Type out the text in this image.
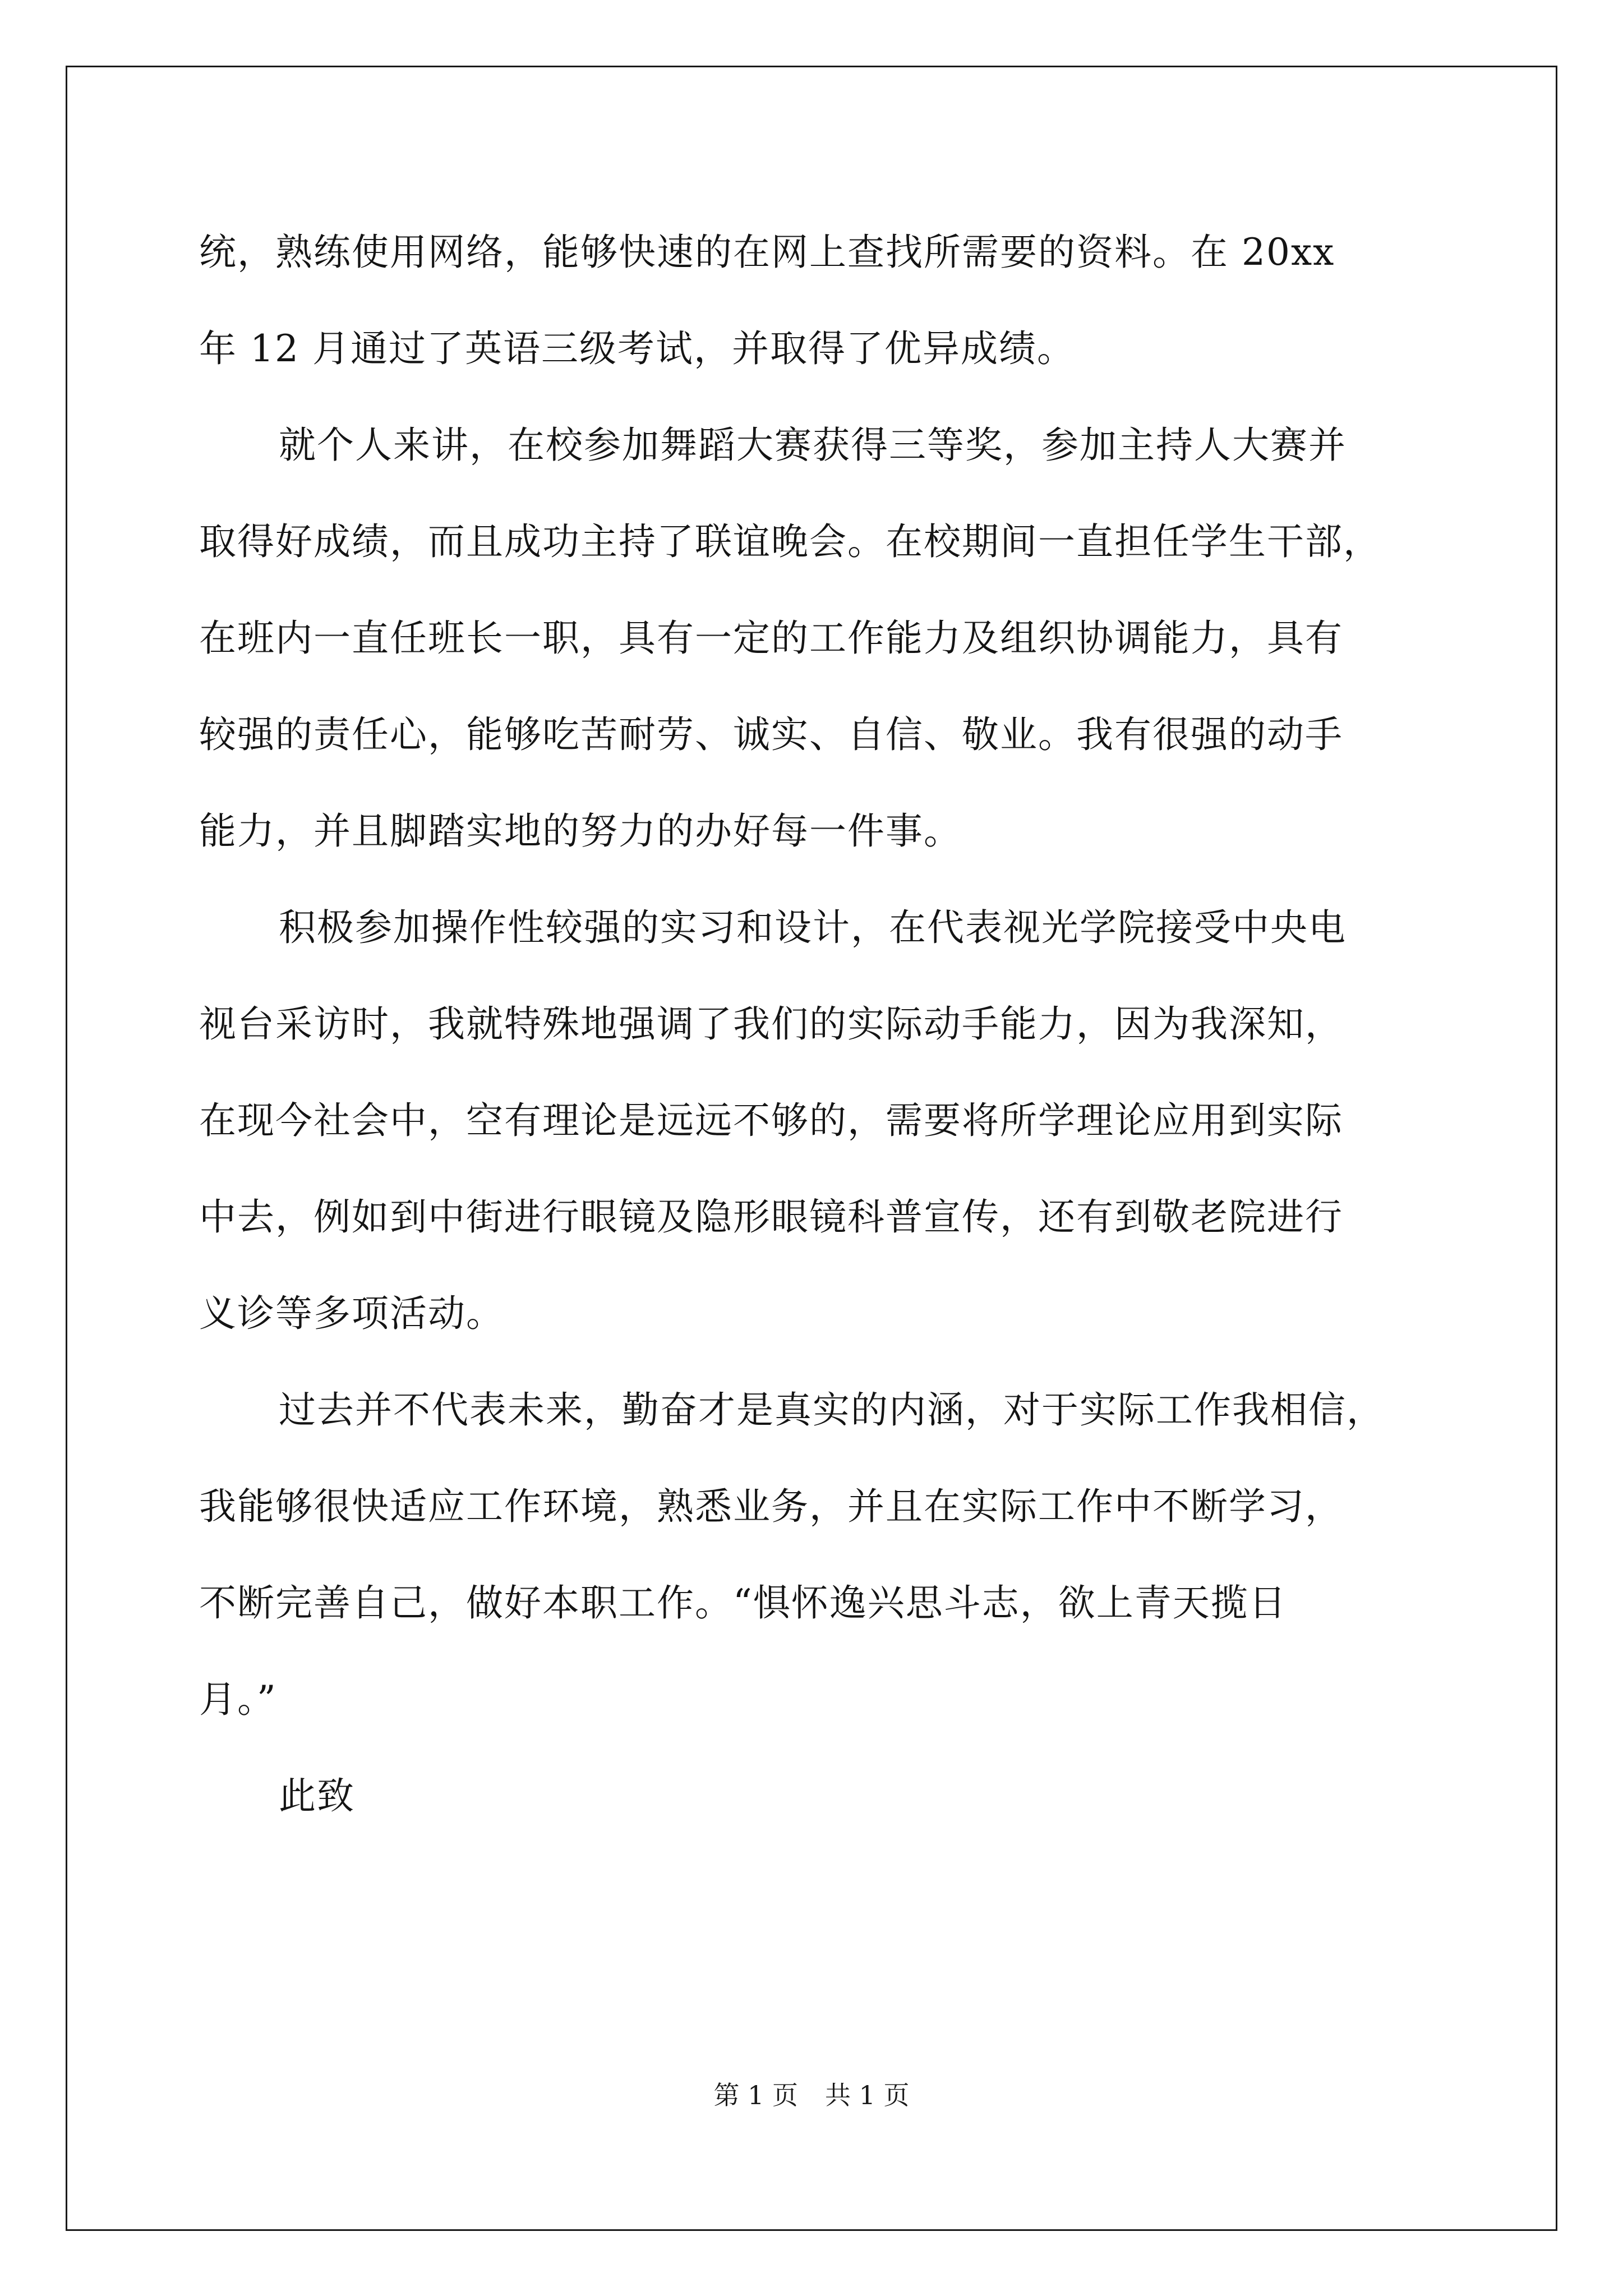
统，熟练使用网络，能够快速的在网上查找所需要的资料。在 20xx
年 12 月通过了英语三级考试，并取得了优异成绩。
就个人来讲，在校参加舞蹈大赛获得三等奖，参加主持人大赛并
取得好成绩，而且成功主持了联谊晚会。在校期间一直担任学生干部，
在班内一直任班长一职，具有一定的工作能力及组织协调能力，具有
较强的责任心，能够吃苦耐劳、诚实、自信、敬业。我有很强的动手
能力，并且脚踏实地的努力的办好每一件事。
积极参加操作性较强的实习和设计，在代表视光学院接受中央电
视台采访时，我就特殊地强调了我们的实际动手能力，因为我深知，
在现今社会中，空有理论是远远不够的，需要将所学理论应用到实际
中去，例如到中街进行眼镜及隐形眼镜科普宣传，还有到敬老院进行
义诊等多项活动。
过去并不代表未来，勤奋才是真实的内涵，对于实际工作我相信，
我能够很快适应工作环境，熟悉业务，并且在实际工作中不断学习，
不断完善自己，做好本职工作。“惧怀逸兴思斗志，欲上青天揽日
月。”
此致
第 1 页 共 1 页
